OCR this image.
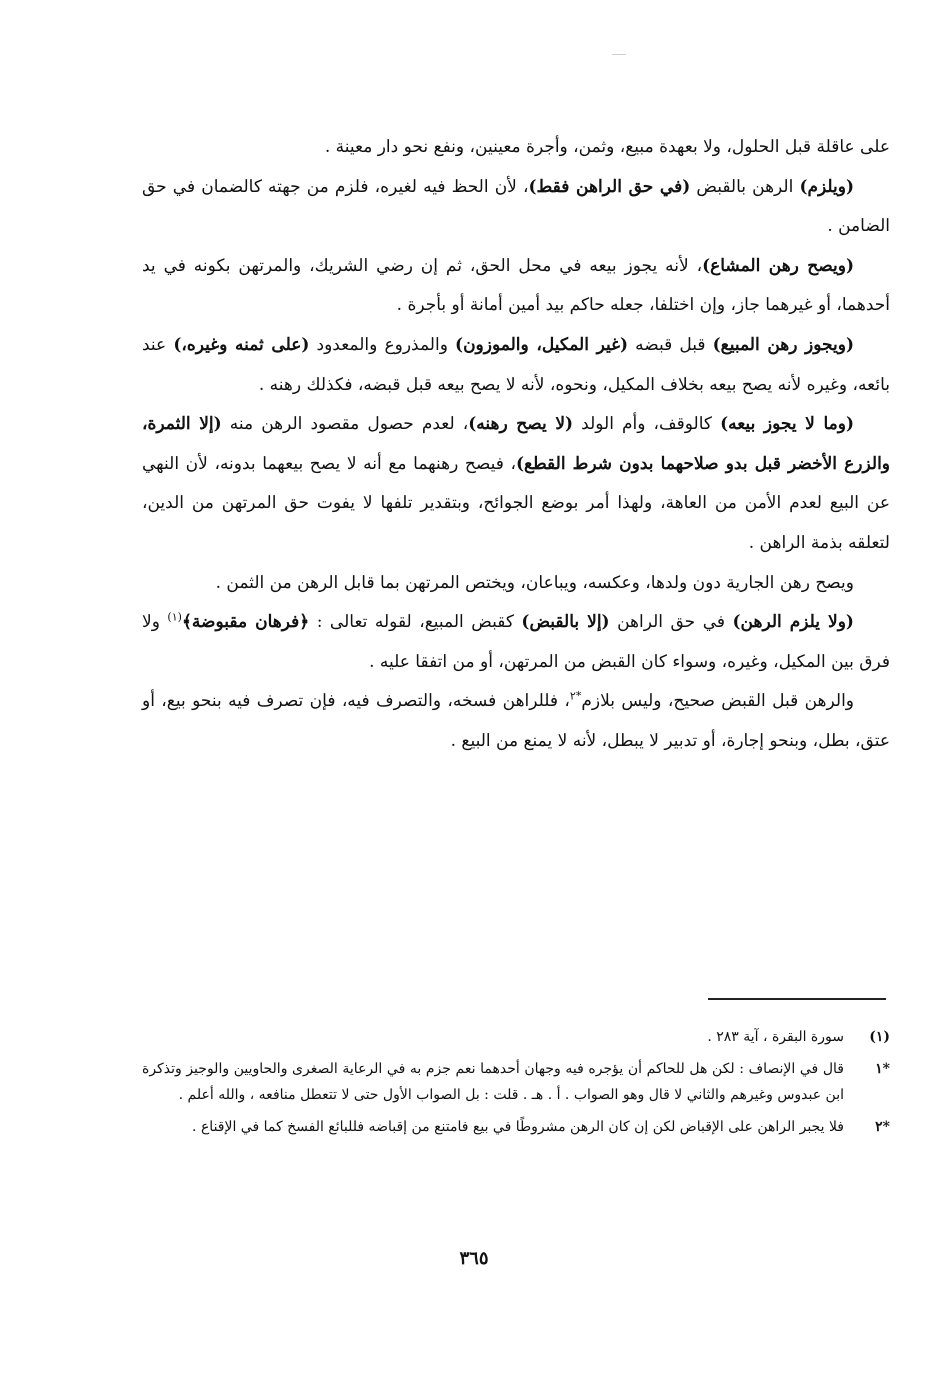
على عاقلة قبل الحلول، ولا بعهدة مبيع، وثمن، وأجرة معينين، ونفع نحو دار معينة .

(ويلزم) الرهن بالقبض (في حق الراهن فقط)، لأن الحظ فيه لغيره، فلزم من جهته كالضمان في حق الضامن .

(ويصح رهن المشاع)، لأنه يجوز بيعه في محل الحق، ثم إن رضي الشريك، والمرتهن بكونه في يد أحدهما، أو غيرهما جاز، وإن اختلفا، جعله حاكم بيد أمين أمانة أو بأجرة .

(ويجوز رهن المبيع) قبل قبضه (غير المكيل، والموزون) والمذروع والمعدود (على ثمنه وغيره،) عند بائعه، وغيره لأنه يصح بيعه بخلاف المكيل، ونحوه، لأنه لا يصح بيعه قبل قبضه، فكذلك رهنه .

(وما لا يجوز بيعه) كالوقف، وأم الولد (لا يصح رهنه)، لعدم حصول مقصود الرهن منه (إلا الثمرة، والزرع الأخضر قبل بدو صلاحهما بدون شرط القطع)، فيصح رهنهما مع أنه لا يصح بيعهما بدونه، لأن النهي عن البيع لعدم الأمن من العاهة، ولهذا أمر بوضع الجوائح، وبتقدير تلفها لا يفوت حق المرتهن من الدين، لتعلقه بذمة الراهن .

ويصح رهن الجارية دون ولدها، وعكسه، ويباعان، ويختص المرتهن بما قابل الرهن من الثمن .

(ولا يلزم الرهن) في حق الراهن (إلا بالقبض) كقبض المبيع، لقوله تعالى : ﴿فرهان مقبوضة﴾$^{(١)}$ ولا فرق بين المكيل، وغيره، وسواء كان القبض من المرتهن، أو من اتفقا عليه .

والرهن قبل القبض صحيح، وليس بلازم$^{*٢}$، فللراهن فسخه، والتصرف فيه، فإن تصرف فيه بنحو بيع، أو عتق، بطل، وبنحو إجارة، أو تدبير لا يبطل، لأنه لا يمنع من البيع .

(١)
سورة البقرة ، آية ٢٨٣ .
*١
قال في الإنصاف : لكن هل للحاكم أن يؤجره فيه وجهان أحدهما نعم جزم به في الرعاية الصغرى والحاويين والوجيز وتذكرة ابن عبدوس وغيرهم والثاني لا قال وهو الصواب . أ . هـ . قلت : بل الصواب الأول حتى لا تتعطل منافعه ، والله أعلم .
*٢
فلا يجبر الراهن على الإقباض لكن إن كان الرهن مشروطًا في بيع فامتنع من إقباضه فللبائع الفسخ كما في الإقناع .
٣٦٥
